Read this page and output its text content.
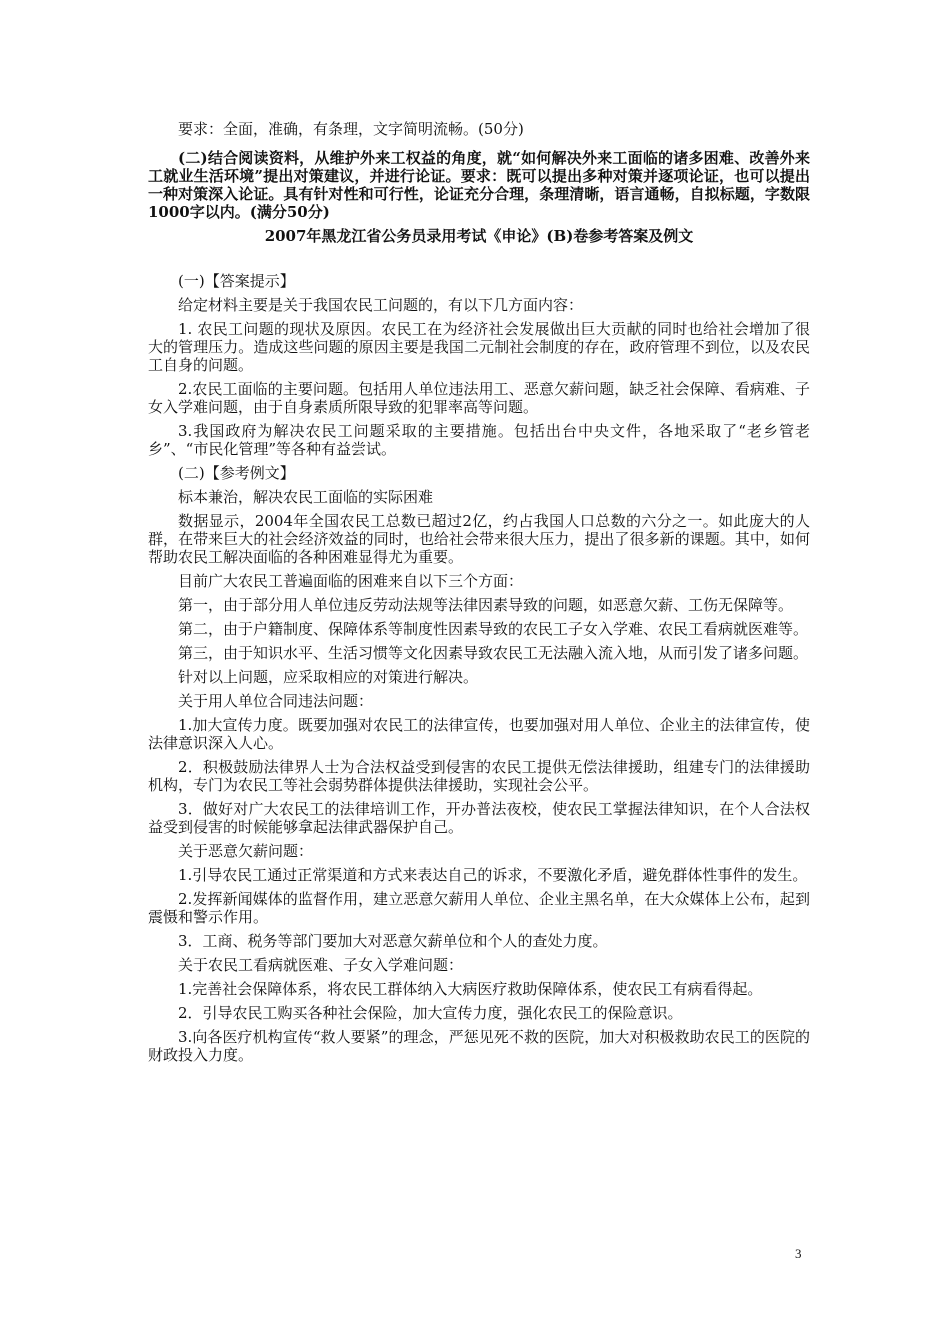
要求：全面，准确，有条理，文字简明流畅。(50分)

(二)结合阅读资料，从维护外来工权益的角度，就“如何解决外来工面临的诸多困难、改善外来工就业生活环境”提出对策建议，并进行论证。要求：既可以提出多种对策并逐项论证，也可以提出一种对策深入论证。具有针对性和可行性，论证充分合理，条理清晰，语言通畅，自拟标题，字数限1000字以内。(满分50分)

2007年黑龙江省公务员录用考试《申论》(B)卷参考答案及例文

(一)【答案提示】

给定材料主要是关于我国农民工问题的，有以下几方面内容：

1. 农民工问题的现状及原因。农民工在为经济社会发展做出巨大贡献的同时也给社会增加了很大的管理压力。造成这些问题的原因主要是我国二元制社会制度的存在，政府管理不到位，以及农民工自身的问题。

2.农民工面临的主要问题。包括用人单位违法用工、恶意欠薪问题，缺乏社会保障、看病难、子女入学难问题，由于自身素质所限导致的犯罪率高等问题。

3.我国政府为解决农民工问题采取的主要措施。包括出台中央文件，各地采取了“老乡管老乡”、“市民化管理”等各种有益尝试。

(二)【参考例文】

标本兼治，解决农民工面临的实际困难

数据显示，2004年全国农民工总数已超过2亿，约占我国人口总数的六分之一。如此庞大的人群，在带来巨大的社会经济效益的同时，也给社会带来很大压力，提出了很多新的课题。其中，如何帮助农民工解决面临的各种困难显得尤为重要。

目前广大农民工普遍面临的困难来自以下三个方面：

第一，由于部分用人单位违反劳动法规等法律因素导致的问题，如恶意欠薪、工伤无保障等。

第二，由于户籍制度、保障体系等制度性因素导致的农民工子女入学难、农民工看病就医难等。

第三，由于知识水平、生活习惯等文化因素导致农民工无法融入流入地，从而引发了诸多问题。

针对以上问题，应采取相应的对策进行解决。

关于用人单位合同违法问题：

1.加大宣传力度。既要加强对农民工的法律宣传，也要加强对用人单位、企业主的法律宣传，使法律意识深入人心。

2．积极鼓励法律界人士为合法权益受到侵害的农民工提供无偿法律援助，组建专门的法律援助机构，专门为农民工等社会弱势群体提供法律援助，实现社会公平。

3．做好对广大农民工的法律培训工作，开办普法夜校，使农民工掌握法律知识，在个人合法权益受到侵害的时候能够拿起法律武器保护自己。

关于恶意欠薪问题：

1.引导农民工通过正常渠道和方式来表达自己的诉求，不要激化矛盾，避免群体性事件的发生。

2.发挥新闻媒体的监督作用，建立恶意欠薪用人单位、企业主黑名单，在大众媒体上公布，起到震慑和警示作用。

3．工商、税务等部门要加大对恶意欠薪单位和个人的查处力度。

关于农民工看病就医难、子女入学难问题：

1.完善社会保障体系，将农民工群体纳入大病医疗救助保障体系，使农民工有病看得起。

2．引导农民工购买各种社会保险，加大宣传力度，强化农民工的保险意识。

3.向各医疗机构宣传“救人要紧”的理念，严惩见死不救的医院，加大对积极救助农民工的医院的财政投入力度。

3
